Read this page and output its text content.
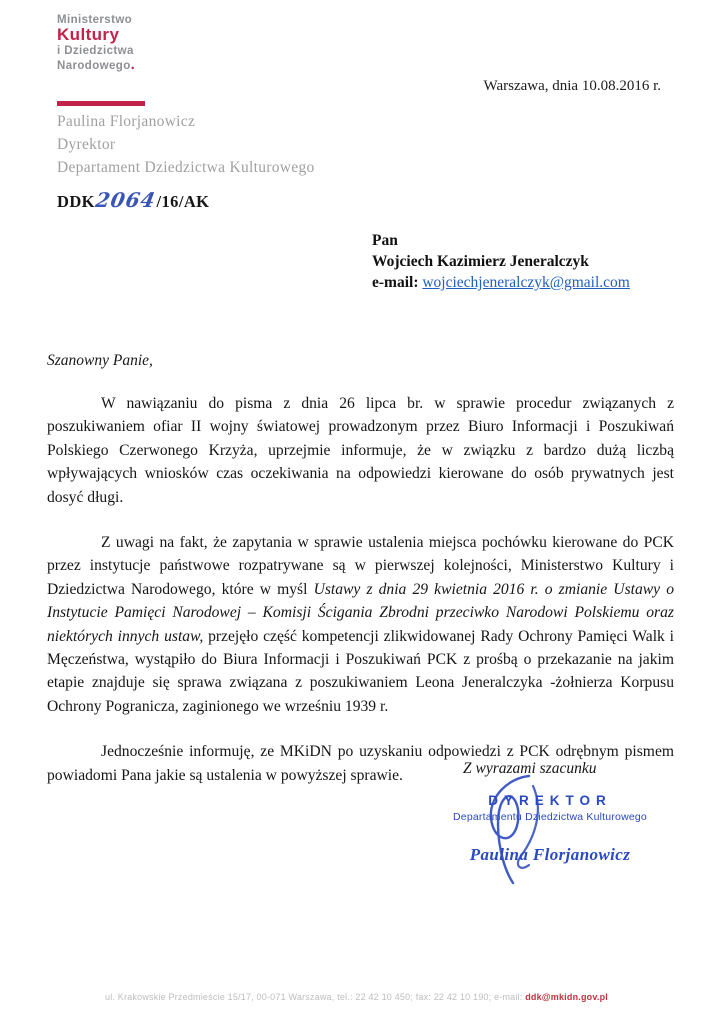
Ministerstwo
Kultury
i Dziedzictwa
Narodowego.
Warszawa, dnia 10.08.2016 r.
Paulina Florjanowicz
Dyrektor
Departament Dziedzictwa Kulturowego
DDK2064/16/AK
Pan
Wojciech Kazimierz Jeneralczyk
e-mail: wojciechjeneralczyk@gmail.com

Szanowny Panie,

W nawiązaniu do pisma z dnia 26 lipca br. w sprawie procedur związanych z poszukiwaniem ofiar II wojny światowej prowadzonym przez Biuro Informacji i Poszukiwań Polskiego Czerwonego Krzyża, uprzejmie informuje, że w związku z bardzo dużą liczbą wpływających wniosków czas oczekiwania na odpowiedzi kierowane do osób prywatnych jest dosyć długi.

Z uwagi na fakt, że zapytania w sprawie ustalenia miejsca pochówku kierowane do PCK przez instytucje państwowe rozpatrywane są w pierwszej kolejności, Ministerstwo Kultury i Dziedzictwa Narodowego, które w myśl Ustawy z dnia 29 kwietnia 2016 r. o zmianie Ustawy o Instytucie Pamięci Narodowej – Komisji Ścigania Zbrodni przeciwko Narodowi Polskiemu oraz niektórych innych ustaw, przejęło część kompetencji zlikwidowanej Rady Ochrony Pamięci Walk i Męczeństwa, wystąpiło do Biura Informacji i Poszukiwań PCK z prośbą o przekazanie na jakim etapie znajduje się sprawa związana z poszukiwaniem Leona Jeneralczyka -żołnierza Korpusu Ochrony Pogranicza, zaginionego we wrześniu 1939 r.

Jednocześnie informuję, ze MKiDN po uzyskaniu odpowiedzi z PCK odrębnym pismem powiadomi Pana jakie są ustalenia w powyższej sprawie.	Z wyrazami szacunku
DYREKTOR
Departamentu Dziedzictwa Kulturowego
Paulina Florjanowicz
ul. Krakowskie Przedmieście 15/17, 00-071 Warszawa, tel.: 22 42 10 450; fax: 22 42 10 190; e-mail: ddk@mkidn.gov.pl
